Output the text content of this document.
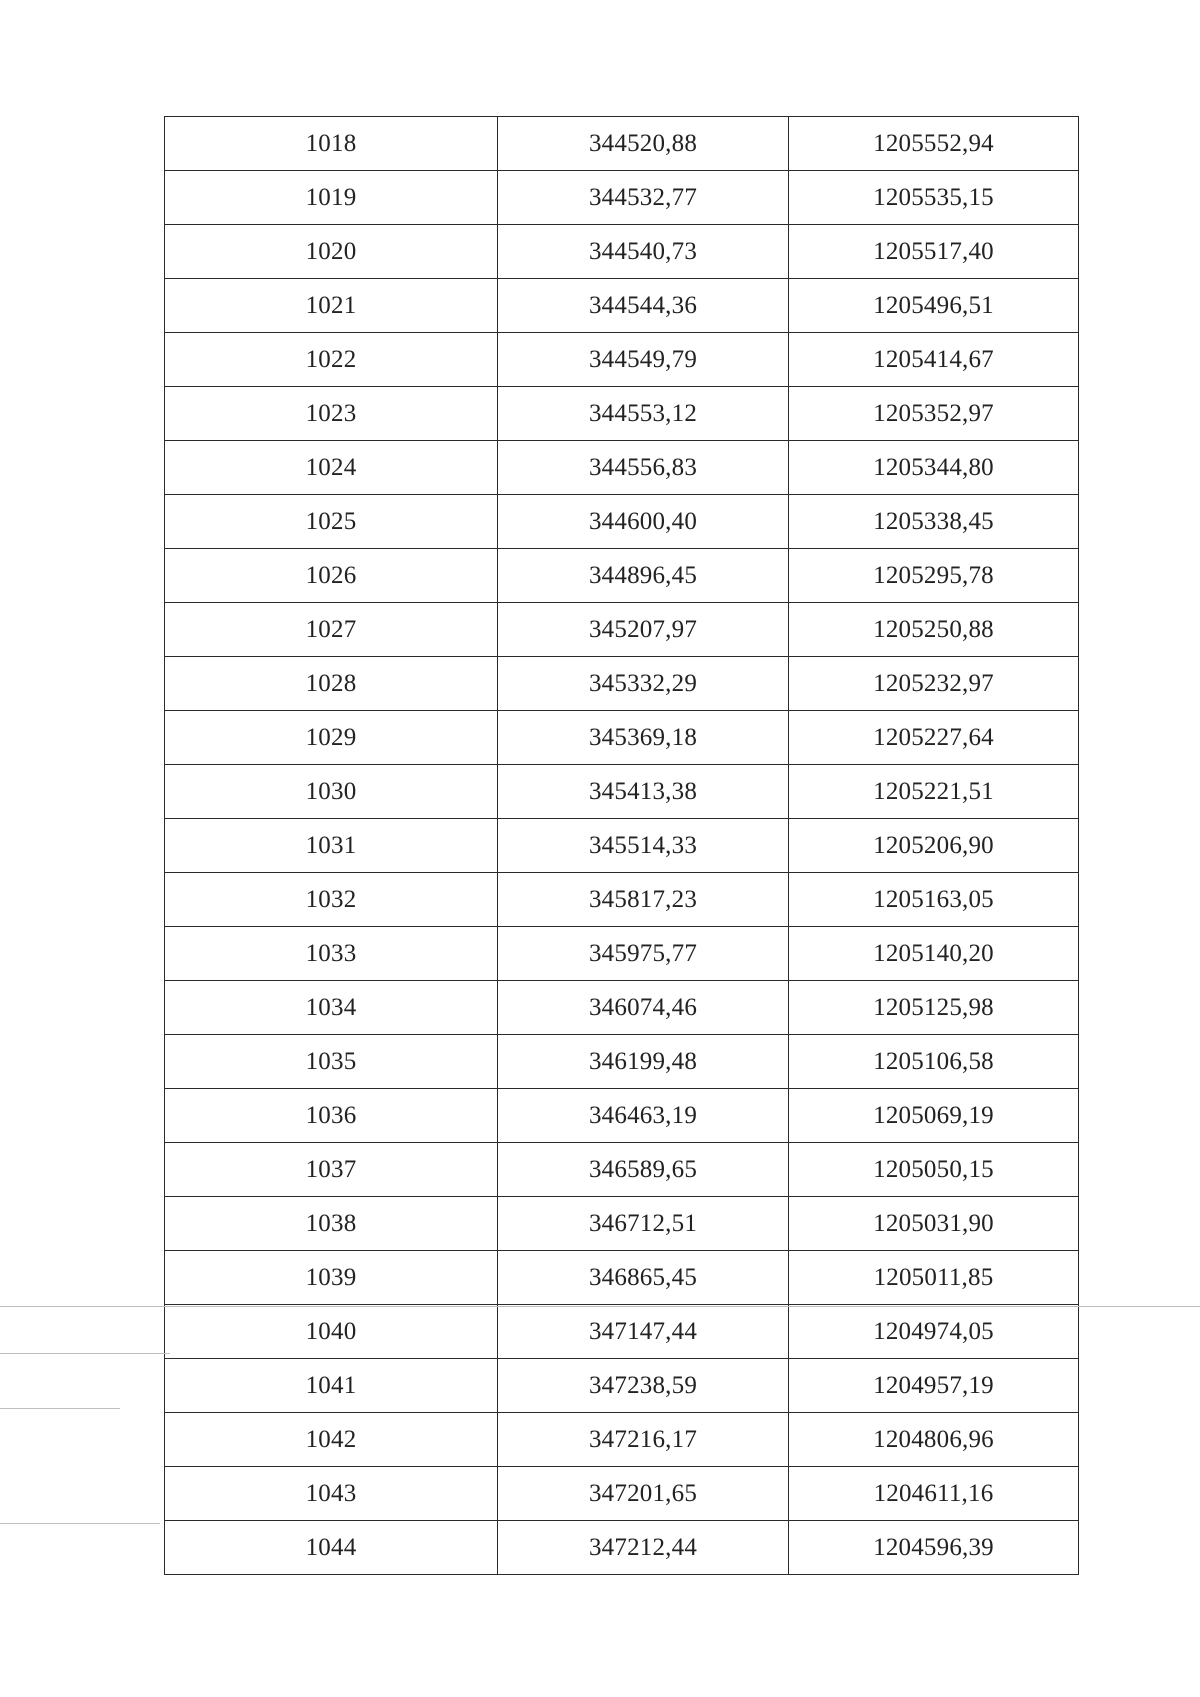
1018	344520,88	1205552,94
1019	344532,77	1205535,15
1020	344540,73	1205517,40
1021	344544,36	1205496,51
1022	344549,79	1205414,67
1023	344553,12	1205352,97
1024	344556,83	1205344,80
1025	344600,40	1205338,45
1026	344896,45	1205295,78
1027	345207,97	1205250,88
1028	345332,29	1205232,97
1029	345369,18	1205227,64
1030	345413,38	1205221,51
1031	345514,33	1205206,90
1032	345817,23	1205163,05
1033	345975,77	1205140,20
1034	346074,46	1205125,98
1035	346199,48	1205106,58
1036	346463,19	1205069,19
1037	346589,65	1205050,15
1038	346712,51	1205031,90
1039	346865,45	1205011,85
1040	347147,44	1204974,05
1041	347238,59	1204957,19
1042	347216,17	1204806,96
1043	347201,65	1204611,16
1044	347212,44	1204596,39
